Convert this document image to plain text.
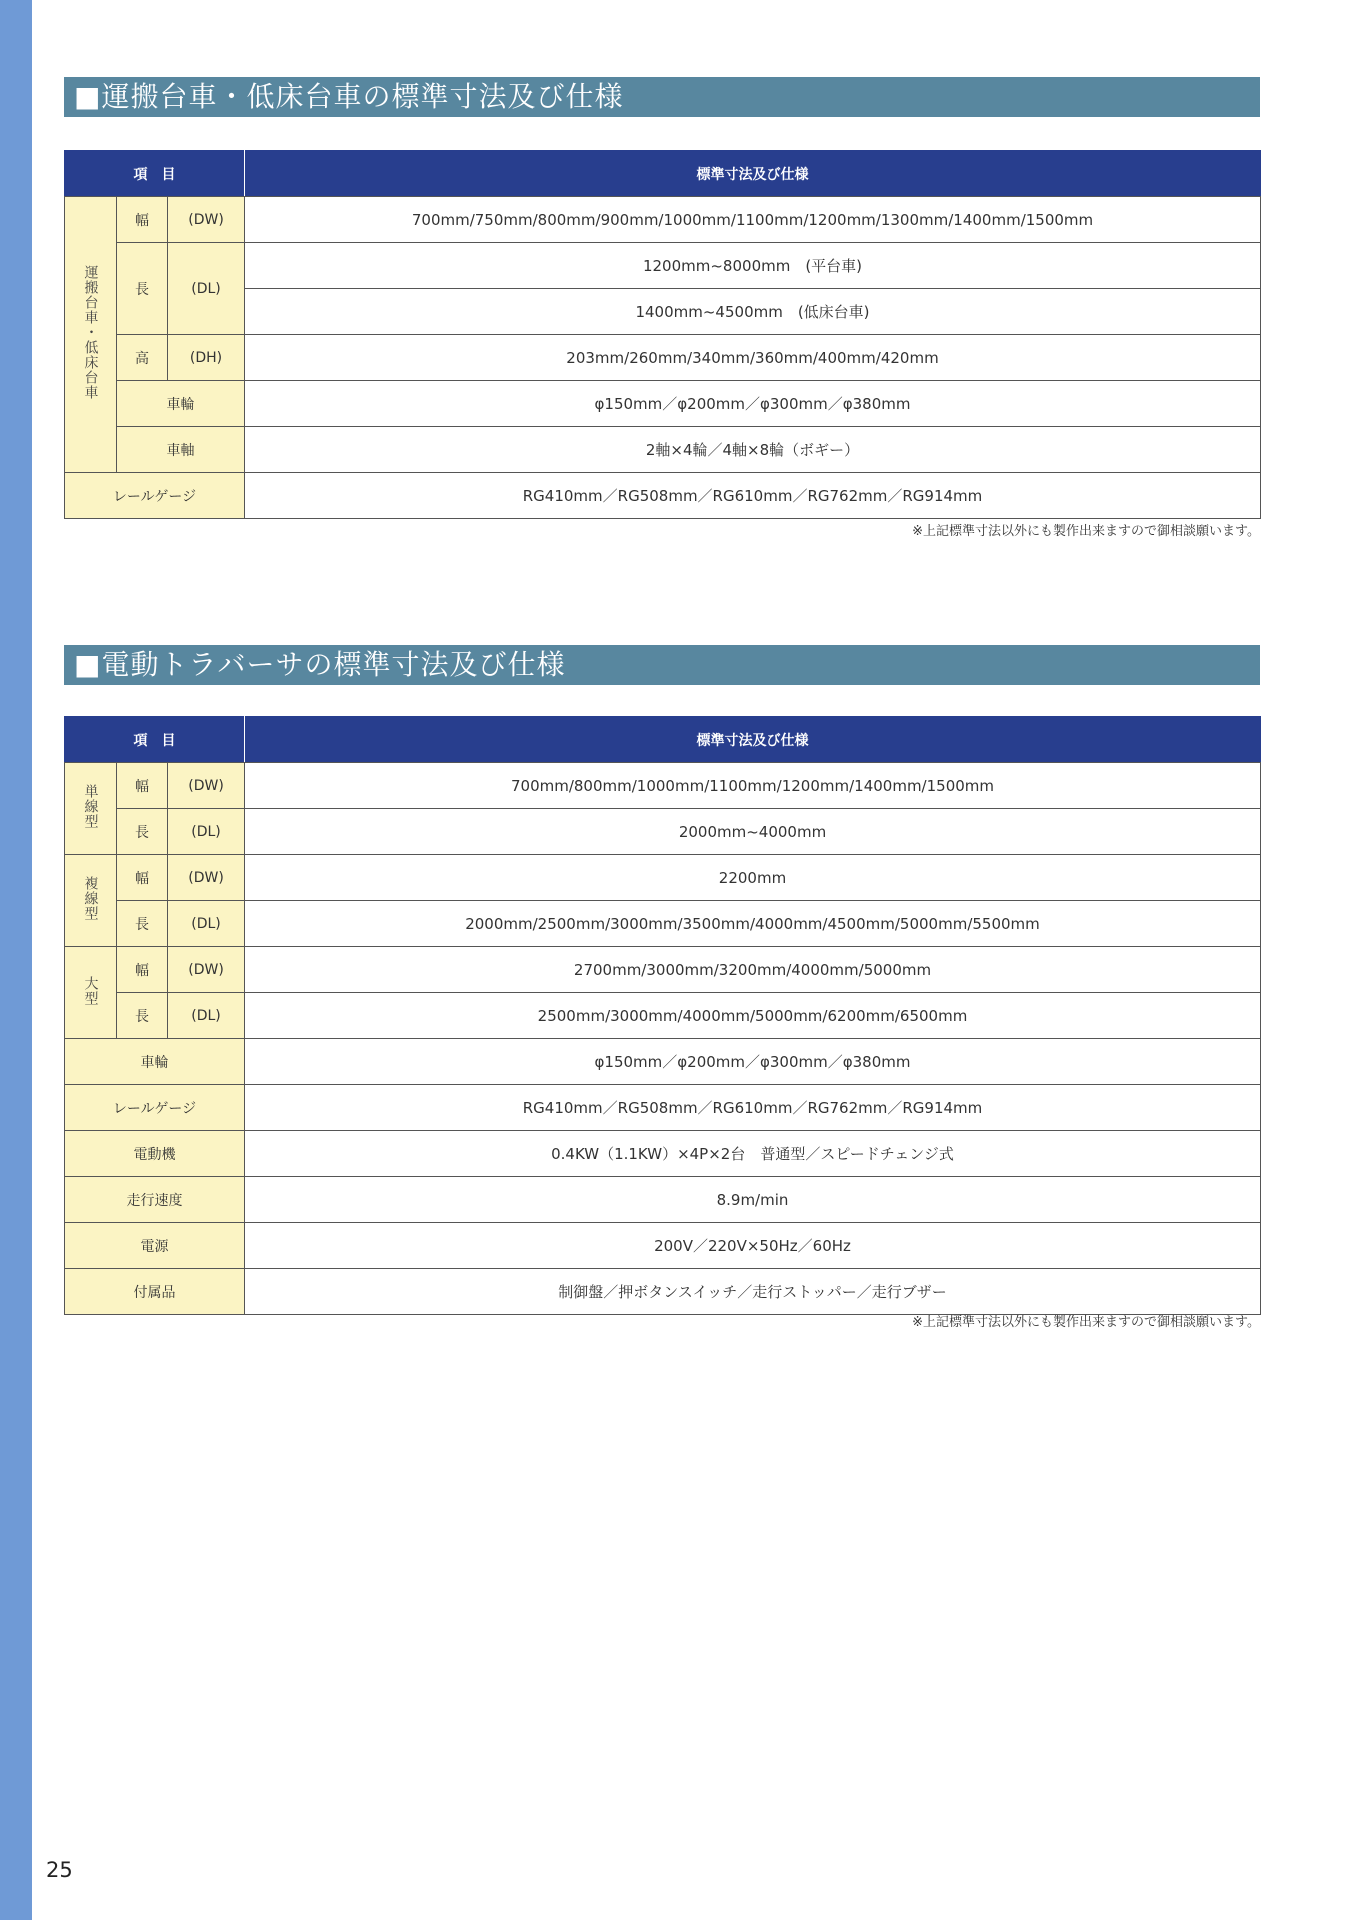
■運搬台車・低床台車の標準寸法及び仕様
項　目			標準寸法及び仕様
運搬台車・低床台車	幅	(DW)	700mm/750mm/800mm/900mm/1000mm/1100mm/1200mm/1300mm/1400mm/1500mm
	長	(DL)	1200mm~8000mm　(平台車)
			1400mm~4500mm　(低床台車)
	高	(DH)	203mm/260mm/340mm/360mm/400mm/420mm
	車輪		φ150mm／φ200mm／φ300mm／φ380mm
	車軸		2軸×4輪／4軸×8輪（ボギー）
レールゲージ			RG410mm／RG508mm／RG610mm／RG762mm／RG914mm
※上記標準寸法以外にも製作出来ますので御相談願います。
■電動トラバーサの標準寸法及び仕様
項　目			標準寸法及び仕様
単線型	幅	(DW)	700mm/800mm/1000mm/1100mm/1200mm/1400mm/1500mm
	長	(DL)	2000mm~4000mm
複線型	幅	(DW)	2200mm
	長	(DL)	2000mm/2500mm/3000mm/3500mm/4000mm/4500mm/5000mm/5500mm
大型	幅	(DW)	2700mm/3000mm/3200mm/4000mm/5000mm
	長	(DL)	2500mm/3000mm/4000mm/5000mm/6200mm/6500mm
車輪			φ150mm／φ200mm／φ300mm／φ380mm
レールゲージ			RG410mm／RG508mm／RG610mm／RG762mm／RG914mm
電動機			0.4KW（1.1KW）×4P×2台　普通型／スピードチェンジ式
走行速度			8.9m/min
電源			200V／220V×50Hz／60Hz
付属品			制御盤／押ボタンスイッチ／走行ストッパー／走行ブザー
※上記標準寸法以外にも製作出来ますので御相談願います。
25
